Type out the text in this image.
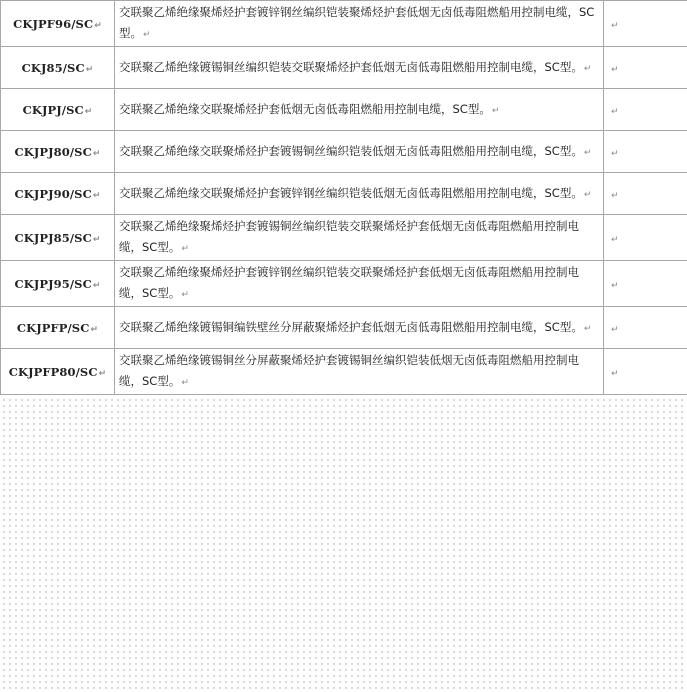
CKJPF96/SC↵	交联聚乙烯绝缘聚烯烃护套镀锌钢丝编织铠装聚烯烃护套低烟无卤低毒阻燃船用控制电缆，SC型。↵	↵
CKJ85/SC↵	交联聚乙烯绝缘镀锡铜丝编织铠装交联聚烯烃护套低烟无卤低毒阻燃船用控制电缆，SC型。↵	↵
CKJPJ/SC↵	交联聚乙烯绝缘交联聚烯烃护套低烟无卤低毒阻燃船用控制电缆，SC型。↵	↵
CKJPJ80/SC↵	交联聚乙烯绝缘交联聚烯烃护套镀锡铜丝编织铠装低烟无卤低毒阻燃船用控制电缆，SC型。↵	↵
CKJPJ90/SC↵	交联聚乙烯绝缘交联聚烯烃护套镀锌钢丝编织铠装低烟无卤低毒阻燃船用控制电缆，SC型。↵	↵
CKJPJ85/SC↵	交联聚乙烯绝缘聚烯烃护套镀锡铜丝编织铠装交联聚烯烃护套低烟无卤低毒阻燃船用控制电缆，SC型。↵	↵
CKJPJ95/SC↵	交联聚乙烯绝缘聚烯烃护套镀锌钢丝编织铠装交联聚烯烃护套低烟无卤低毒阻燃船用控制电缆，SC型。↵	↵
CKJPFP/SC↵	交联聚乙烯绝缘镀锡铜编铁壁丝分屏蔽聚烯烃护套低烟无卤低毒阻燃船用控制电缆，SC型。↵	↵
CKJPFP80/SC↵	交联聚乙烯绝缘镀锡铜丝分屏蔽聚烯烃护套镀锡铜丝编织铠装低烟无卤低毒阻燃船用控制电缆，SC型。↵	↵
